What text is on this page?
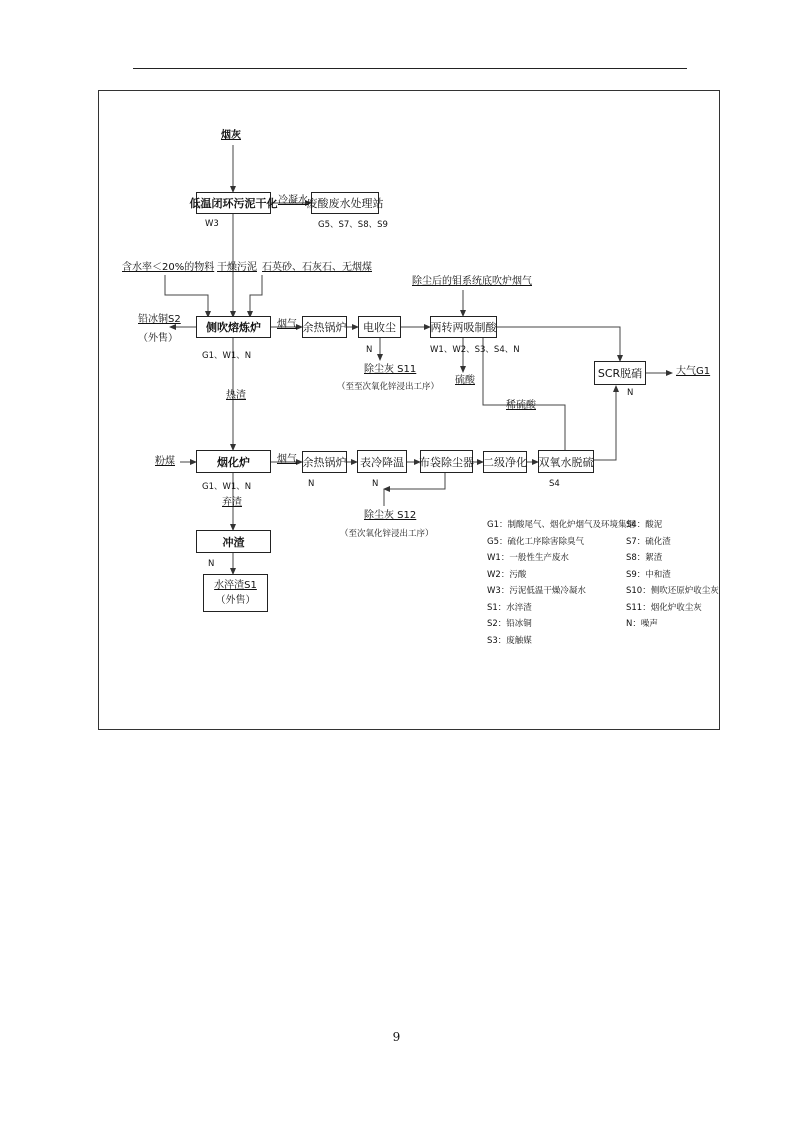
烟灰
冷凝水
W3	G5、S7、S8、S9
含水率＜20%的物料 干燥污泥 石英砂、石灰石、无烟煤
除尘后的钼系统底吹炉烟气
铅冰铜S2
（外售）
烟气
G1、W1、N
N
除尘灰 S11
（至至次氧化锌浸出工序）
W1、W2、S3、S4、N
硫酸
稀硫酸
大气G1
N
热渣
粉煤	烟气
N	N
G1、W1、N	S4
除尘灰 S12
（至次氧化锌浸出工序）
弃渣
N
低温闭环污泥干化	废酸废水处理站
侧吹熔炼炉	余热锅炉	电收尘	两转两吸制酸
SCR脱硝
烟化炉	余热锅炉 表冷降温 布袋除尘器 二级净化 双氧水脱硫
冲渣
水淬渣S1
（外售）
G1：制酸尾气、烟化炉烟气及环境集烟
G5：硫化工序除害除臭气
W1：一般性生产废水
W2：污酸
W3：污泥低温干燥冷凝水
S1：水淬渣
S2：铅冰铜
S3：废触媒
S4：酸泥
S7：硫化渣
S8：絮渣
S9：中和渣
S10：侧吹还原炉收尘灰
S11：烟化炉收尘灰
N：噪声
9
